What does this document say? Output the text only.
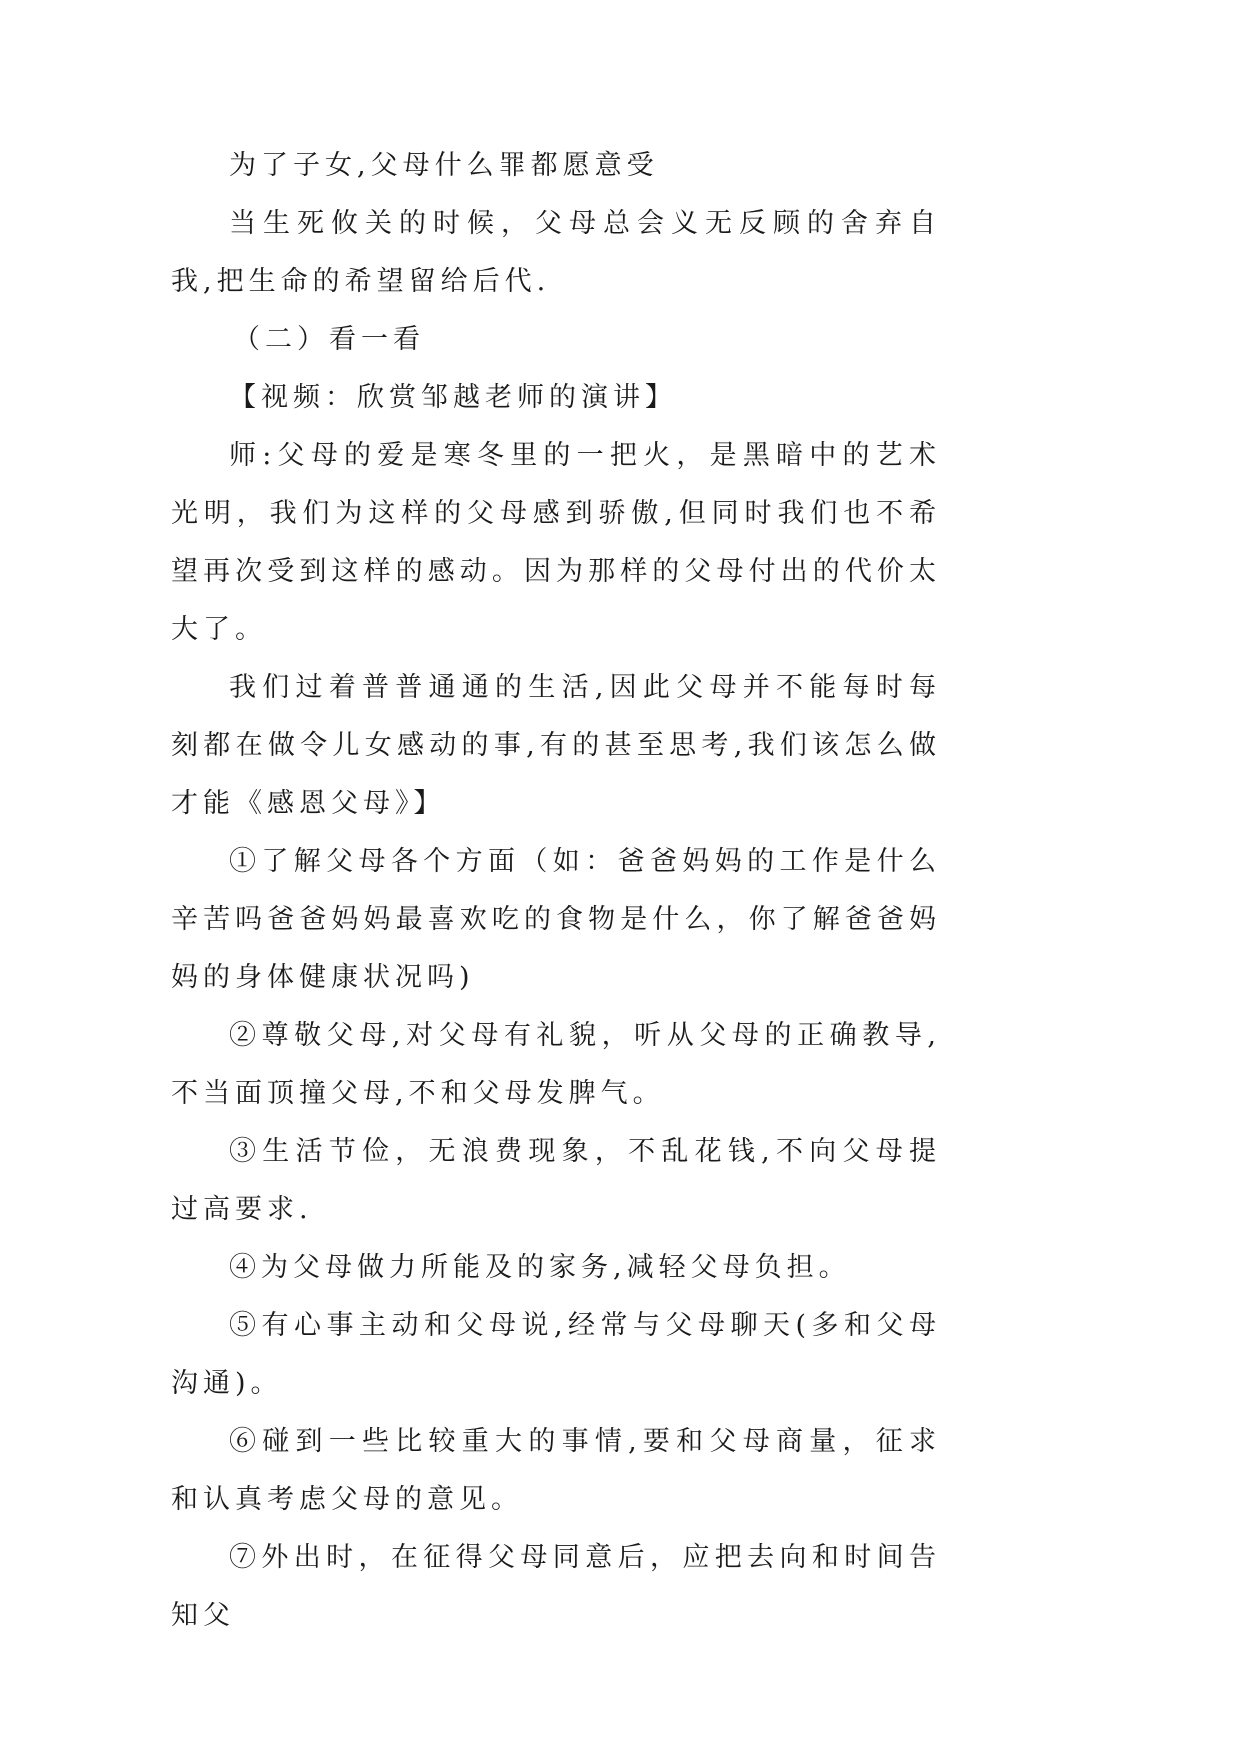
为了子女,父母什么罪都愿意受

当生死攸关的时候，父母总会义无反顾的舍弃自我,把生命的希望留给后代.

（二）看一看

【视频：欣赏邹越老师的演讲】

师:父母的爱是寒冬里的一把火，是黑暗中的艺术光明，我们为这样的父母感到骄傲,但同时我们也不希望再次受到这样的感动。因为那样的父母付出的代价太大了。

我们过着普普通通的生活,因此父母并不能每时每刻都在做令儿女感动的事,有的甚至思考,我们该怎么做才能《感恩父母》】

①了解父母各个方面（如：爸爸妈妈的工作是什么辛苦吗爸爸妈妈最喜欢吃的食物是什么，你了解爸爸妈妈的身体健康状况吗)

②尊敬父母,对父母有礼貌，听从父母的正确教导,不当面顶撞父母,不和父母发脾气。

③生活节俭，无浪费现象，不乱花钱,不向父母提过高要求.

④为父母做力所能及的家务,减轻父母负担。

⑤有心事主动和父母说,经常与父母聊天(多和父母沟通)。

⑥碰到一些比较重大的事情,要和父母商量，征求和认真考虑父母的意见。

⑦外出时，在征得父母同意后，应把去向和时间告知父
